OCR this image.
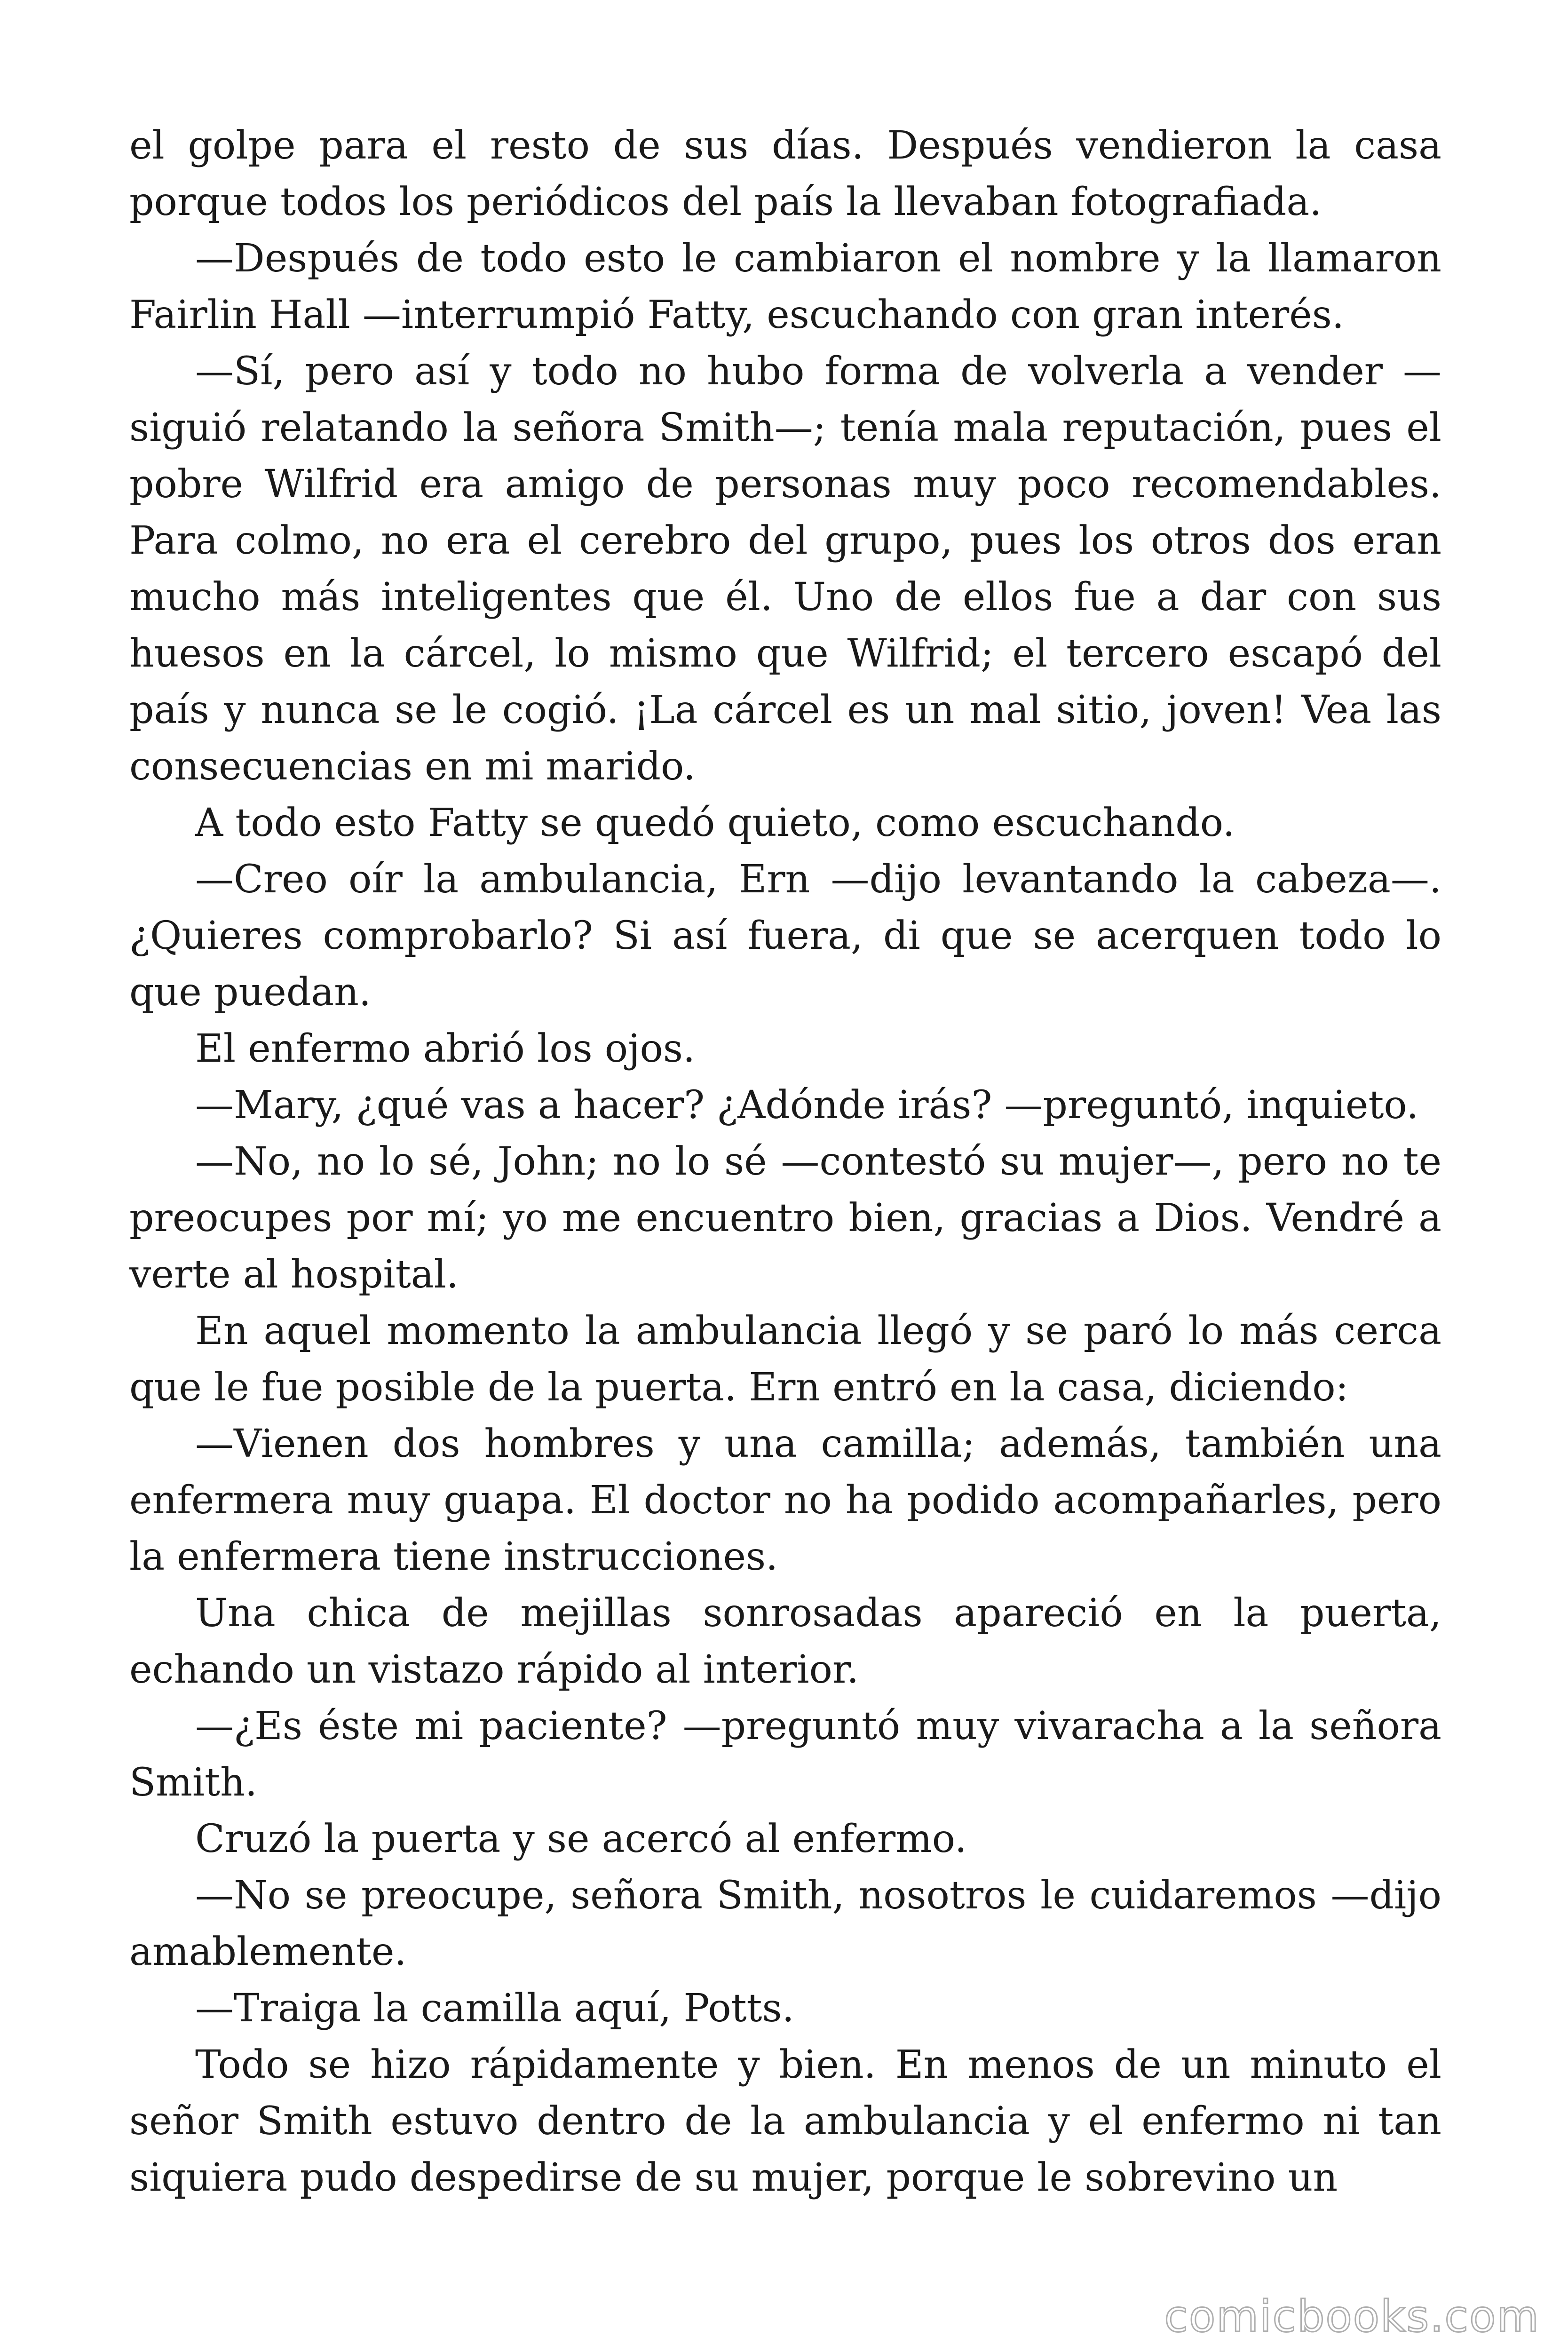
el golpe para el resto de sus días. Después vendieron la casa porque todos los periódicos del país la llevaban fotografiada.

—Después de todo esto le cambiaron el nombre y la llamaron Fairlin Hall —interrumpió Fatty, escuchando con gran interés.

—Sí, pero así y todo no hubo forma de volverla a vender —siguió relatando la señora Smith—; tenía mala reputación, pues el pobre Wilfrid era amigo de personas muy poco recomendables. Para colmo, no era el cerebro del grupo, pues los otros dos eran mucho más inteligentes que él. Uno de ellos fue a dar con sus huesos en la cárcel, lo mismo que Wilfrid; el tercero escapó del país y nunca se le cogió. ¡La cárcel es un mal sitio, joven! Vea las consecuencias en mi marido.

A todo esto Fatty se quedó quieto, como escuchando.

—Creo oír la ambulancia, Ern —dijo levantando la cabeza—. ¿Quieres comprobarlo? Si así fuera, di que se acerquen todo lo que puedan.

El enfermo abrió los ojos.

—Mary, ¿qué vas a hacer? ¿Adónde irás? —preguntó, inquieto.

—No, no lo sé, John; no lo sé —contestó su mujer—, pero no te preocupes por mí; yo me encuentro bien, gracias a Dios. Vendré a verte al hospital.

En aquel momento la ambulancia llegó y se paró lo más cerca que le fue posible de la puerta. Ern entró en la casa, diciendo:

—Vienen dos hombres y una camilla; además, también una enfermera muy guapa. El doctor no ha podido acompañarles, pero la enfermera tiene instrucciones.

Una chica de mejillas sonrosadas apareció en la puerta, echando un vistazo rápido al interior.

—¿Es éste mi paciente? —preguntó muy vivaracha a la señora Smith.

Cruzó la puerta y se acercó al enfermo.

—No se preocupe, señora Smith, nosotros le cuidaremos —dijo amablemente.

—Traiga la camilla aquí, Potts.

Todo se hizo rápidamente y bien. En menos de un minuto el señor Smith estuvo dentro de la ambulancia y el enfermo ni tan siquiera pudo despedirse de su mujer, porque le sobrevino un

comicbooks.com
